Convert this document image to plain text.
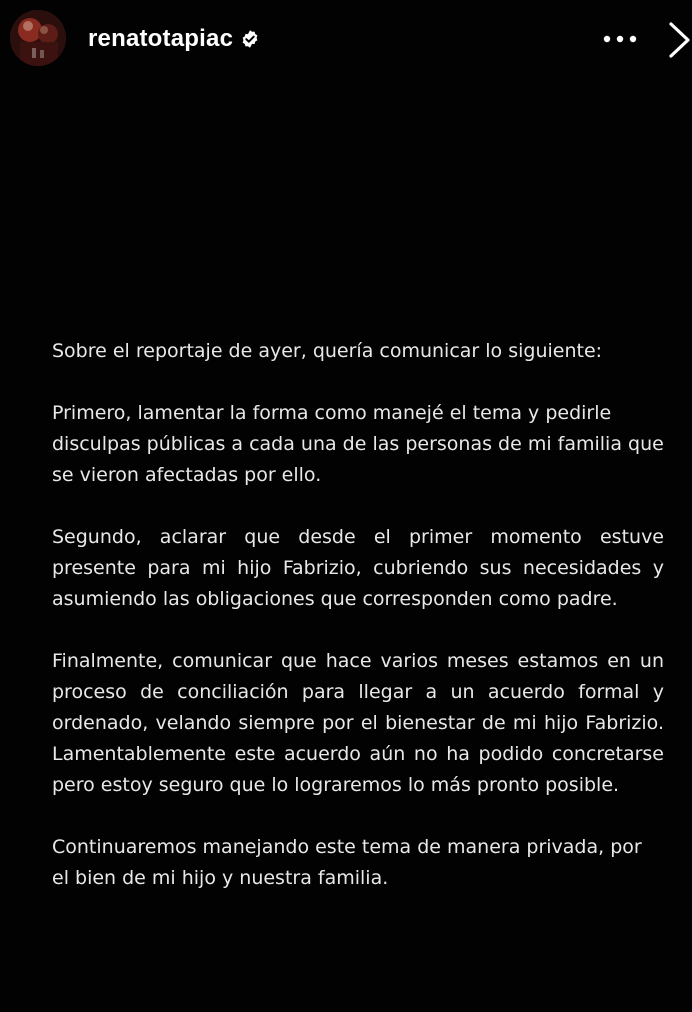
renatotapiac

Sobre el reportaje de ayer, quería comunicar lo siguiente:

Primero, lamentar la forma como manejé el tema y pedirle disculpas públicas a cada una de las personas de mi familia que se vieron afectadas por ello.

Segundo, aclarar que desde el primer momento estuve presente para mi hijo Fabrizio, cubriendo sus necesidades y asumiendo las obligaciones que corresponden como padre.

Finalmente, comunicar que hace varios meses estamos en un proceso de conciliación para llegar a un acuerdo formal y ordenado, velando siempre por el bienestar de mi hijo Fabrizio. Lamentablemente este acuerdo aún no ha podido concretarse pero estoy seguro que lo lograremos lo más pronto posible.

Continuaremos manejando este tema de manera privada, por el bien de mi hijo y nuestra familia.
